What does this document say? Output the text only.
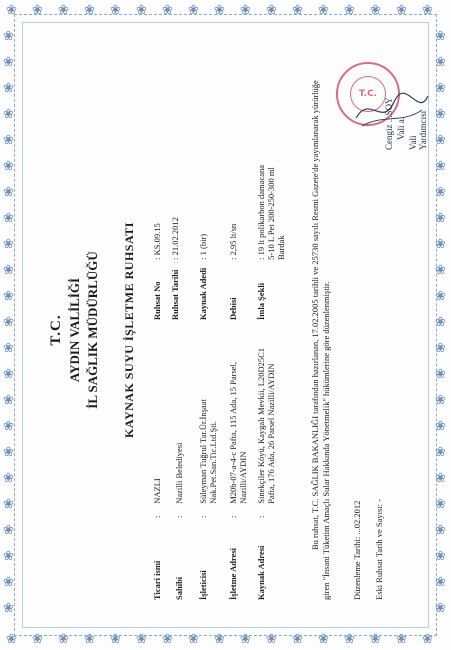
❀
❀
❀
❀
❀
❀
❀
❀
❀
❀
❀
❀
❀
❀
❀
❀
❀
❀
❀
❀
❀
❀
❀
❀
❀
❀
❀
❀
❀
❀
❀
❀
❀
❀
❀	❀
❀	❀
❀	❀
❀	❀
❀	❀
❀	❀
❀	❀
❀	❀
❀	❀
❀	❀
❀	❀
❀	❀
❀	❀
❀	❀
❀	❀
❀	❀
❀	❀
❀	❀
❀	❀
❀	❀
❀	❀
❀	❀
❀	❀
T.C. AYDIN VALİLİĞİ İL SAĞLIK MÜDÜRLÜĞÜ KAYNAK SUYU İŞLETME RUHSATI
Ticari ismi : NAZLI
Sahibi : Nazilli Belediyesi
İşleticisi : Süleyman Tuğrul Tar.Ür.İnşaat Nak.Pet.San.Tic.Ltd.Şti.
İşletme Adresi : M20b-07-a-4-c Pafta, 115 Ada, 15 Parsel, Nazilli/AYDIN
Kaynak Adresi : Sinekçiler Köyü, Kaygalı Mevkii, L20D25C1 Pafta, 176 Ada, 26 Parsel Nazilli/AYDIN
Ruhsat No : KS.09.15
Ruhsat Tarihi : 21.02.2012
Kaynak Adedi : 1 (bir)
Debisi : 2,95 lt/sn
İmla Şekli : 19 lt polikarbon damacana 5-10 L Pet 200-250-300 ml Bardak	Bu ruhsat, T.C. SAĞLIK BAKANLIĞI tarafından hazırlanan, 17.02.2005 tarihli ve 25730 sayılı Resmi Gazete'de yayımlanarak yürürlüğe giren "İnsani Tüketim Amaçlı Sular Hakkında Yönetmelik" hükümlerine göre düzenlenmiştir. Düzenleme Tarihi: ...02.2012 Eski Ruhsat Tarih ve Sayısı: -
T.C.
Cengiz ...SOY Vali a.
Vali Yardımcısı
